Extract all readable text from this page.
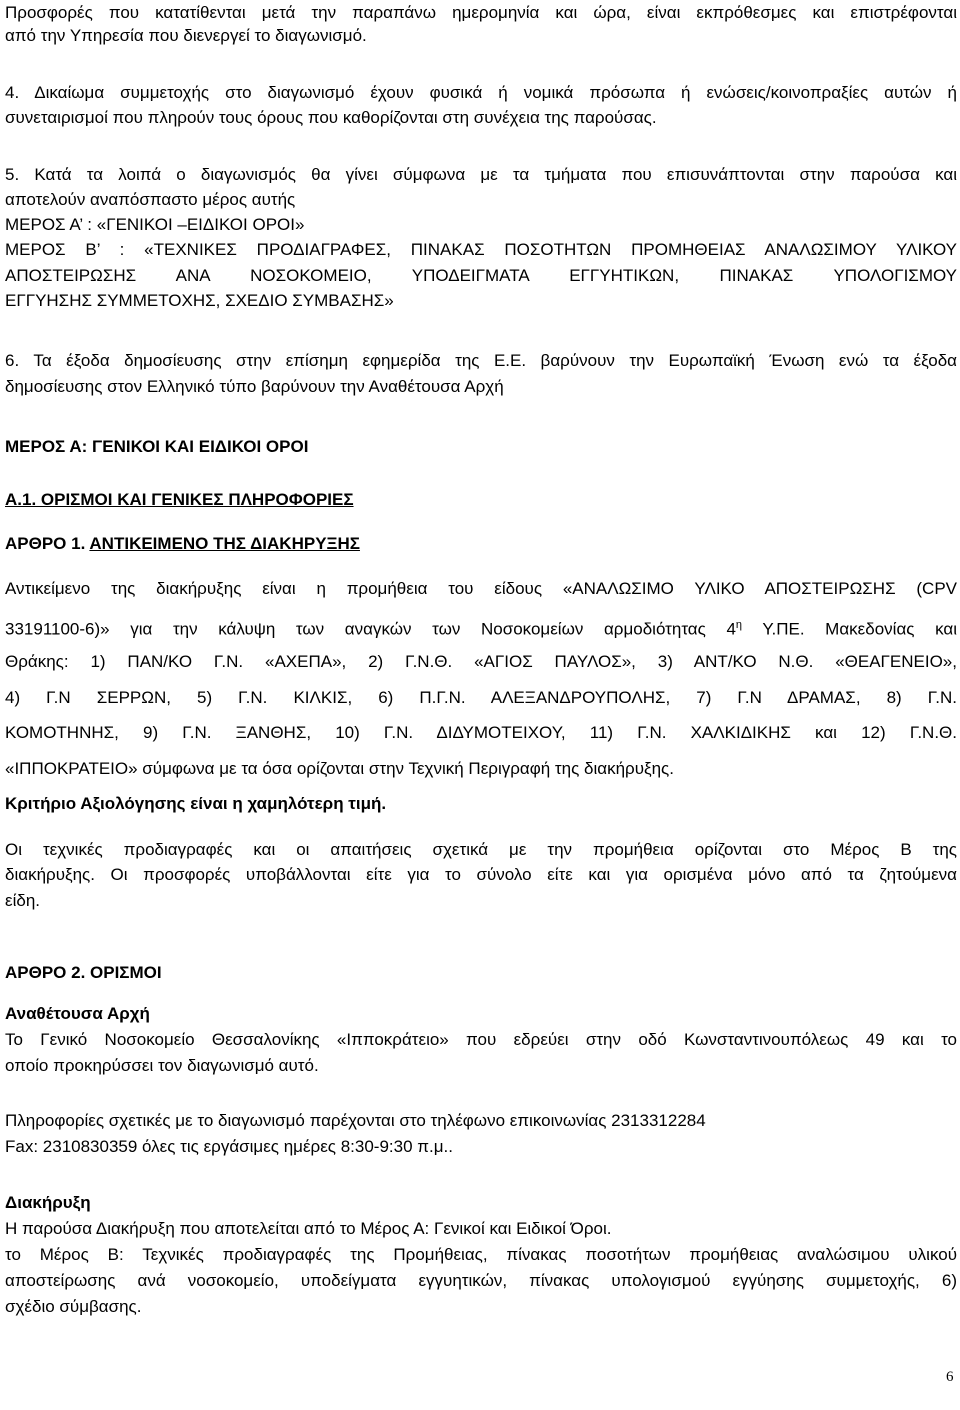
Προσφορές που κατατίθενται μετά την παραπάνω ημερομηνία και ώρα, είναι εκπρόθεσμες και επιστρέφονται
από την Υπηρεσία που διενεργεί το διαγωνισμό.
4. Δικαίωμα συμμετοχής στο διαγωνισμό έχουν φυσικά ή νομικά πρόσωπα ή ενώσεις/κοινοπραξίες αυτών ή
συνεταιρισμοί που πληρούν τους όρους που καθορίζονται στη συνέχεια της παρούσας.
5. Κατά τα λοιπά ο διαγωνισμός θα γίνει σύμφωνα με τα τμήματα που επισυνάπτονται στην παρούσα και
αποτελούν αναπόσπαστο μέρος αυτής
ΜΕΡΟΣ Α’ : «ΓΕΝΙΚΟΙ –ΕΙΔΙΚΟΙ ΟΡΟΙ»
ΜΕΡΟΣ Β’ : «ΤΕΧΝΙΚΕΣ ΠΡΟΔΙΑΓΡΑΦΕΣ, ΠΙΝΑΚΑΣ ΠΟΣΟΤΗΤΩΝ ΠΡΟΜΗΘΕΙΑΣ ΑΝΑΛΩΣΙΜΟΥ ΥΛΙΚΟΥ
ΑΠΟΣΤΕΙΡΩΣΗΣ ΑΝΑ ΝΟΣΟΚΟΜΕΙΟ, ΥΠΟΔΕΙΓΜΑΤΑ ΕΓΓΥΗΤΙΚΩΝ, ΠΙΝΑΚΑΣ ΥΠΟΛΟΓΙΣΜΟΥ
ΕΓΓΥΗΣΗΣ ΣΥΜΜΕΤΟΧΗΣ, ΣΧΕΔΙΟ ΣΥΜΒΑΣΗΣ»
6. Τα έξοδα δημοσίευσης στην επίσημη εφημερίδα της Ε.Ε. βαρύνουν την Ευρωπαϊκή Ένωση ενώ τα έξοδα
δημοσίευσης στον Ελληνικό τύπο βαρύνουν την Αναθέτουσα Αρχή
ΜΕΡΟΣ Α: ΓΕΝΙΚΟΙ ΚΑΙ ΕΙΔΙΚΟΙ ΟΡΟΙ
Α.1. ΟΡΙΣΜΟΙ ΚΑΙ ΓΕΝΙΚΕΣ ΠΛΗΡΟΦΟΡΙΕΣ
ΑΡΘΡΟ 1. ΑΝΤΙΚΕΙΜΕΝΟ ΤΗΣ ΔΙΑΚΗΡΥΞΗΣ
Αντικείμενο της διακήρυξης είναι η προμήθεια του είδους «ΑΝΑΛΩΣΙΜΟ ΥΛΙΚΟ ΑΠΟΣΤΕΙΡΩΣΗΣ (CPV
33191100-6)» για την κάλυψη των αναγκών των Νοσοκομείων αρμοδιότητας $4^\eta$ Υ.ΠΕ. Μακεδονίας και
Θράκης: 1) ΠΑΝ/ΚΟ Γ.Ν. «ΑΧΕΠΑ», 2) Γ.Ν.Θ. «ΑΓΙΟΣ ΠΑΥΛΟΣ», 3) ΑΝΤ/ΚΟ Ν.Θ. «ΘΕΑΓΕΝΕΙΟ»,
4) Γ.Ν ΣΕΡΡΩΝ, 5) Γ.Ν. ΚΙΛΚΙΣ, 6) Π.Γ.Ν. ΑΛΕΞΑΝΔΡΟΥΠΟΛΗΣ, 7) Γ.Ν ΔΡΑΜΑΣ, 8) Γ.Ν.
ΚΟΜΟΤΗΝΗΣ, 9) Γ.Ν. ΞΑΝΘΗΣ, 10) Γ.Ν. ΔΙΔΥΜΟΤΕΙΧΟΥ, 11) Γ.Ν. ΧΑΛΚΙΔΙΚΗΣ και 12) Γ.Ν.Θ.
«ΙΠΠΟΚΡΑΤΕΙΟ» σύμφωνα με τα όσα ορίζονται στην Τεχνική Περιγραφή της διακήρυξης.
Κριτήριο Αξιολόγησης είναι η χαμηλότερη τιμή.
Οι τεχνικές προδιαγραφές και οι απαιτήσεις σχετικά με την προμήθεια ορίζονται στο Μέρος Β της
διακήρυξης. Οι προσφορές υποβάλλονται είτε για το σύνολο είτε και για ορισμένα μόνο από τα ζητούμενα
είδη.
ΑΡΘΡΟ 2. ΟΡΙΣΜΟΙ
Αναθέτουσα Αρχή
Το Γενικό Νοσοκομείο Θεσσαλονίκης «Ιπποκράτειο» που εδρεύει στην οδό Κωνσταντινουπόλεως 49 και το
οποίο προκηρύσσει τον διαγωνισμό αυτό.
Πληροφορίες σχετικές με το διαγωνισμό παρέχονται στο τηλέφωνο επικοινωνίας 2313312284
Fax: 2310830359 όλες τις εργάσιμες ημέρες 8:30-9:30 π.μ..
Διακήρυξη
Η παρούσα Διακήρυξη που αποτελείται από το Μέρος Α: Γενικοί και Ειδικοί Όροι.
το Μέρος Β: Τεχνικές προδιαγραφές της Προμήθειας, πίνακας ποσοτήτων προμήθειας αναλώσιμου υλικού
αποστείρωσης ανά νοσοκομείο, υποδείγματα εγγυητικών, πίνακας υπολογισμού εγγύησης συμμετοχής, 6)
σχέδιο σύμβασης.
6
